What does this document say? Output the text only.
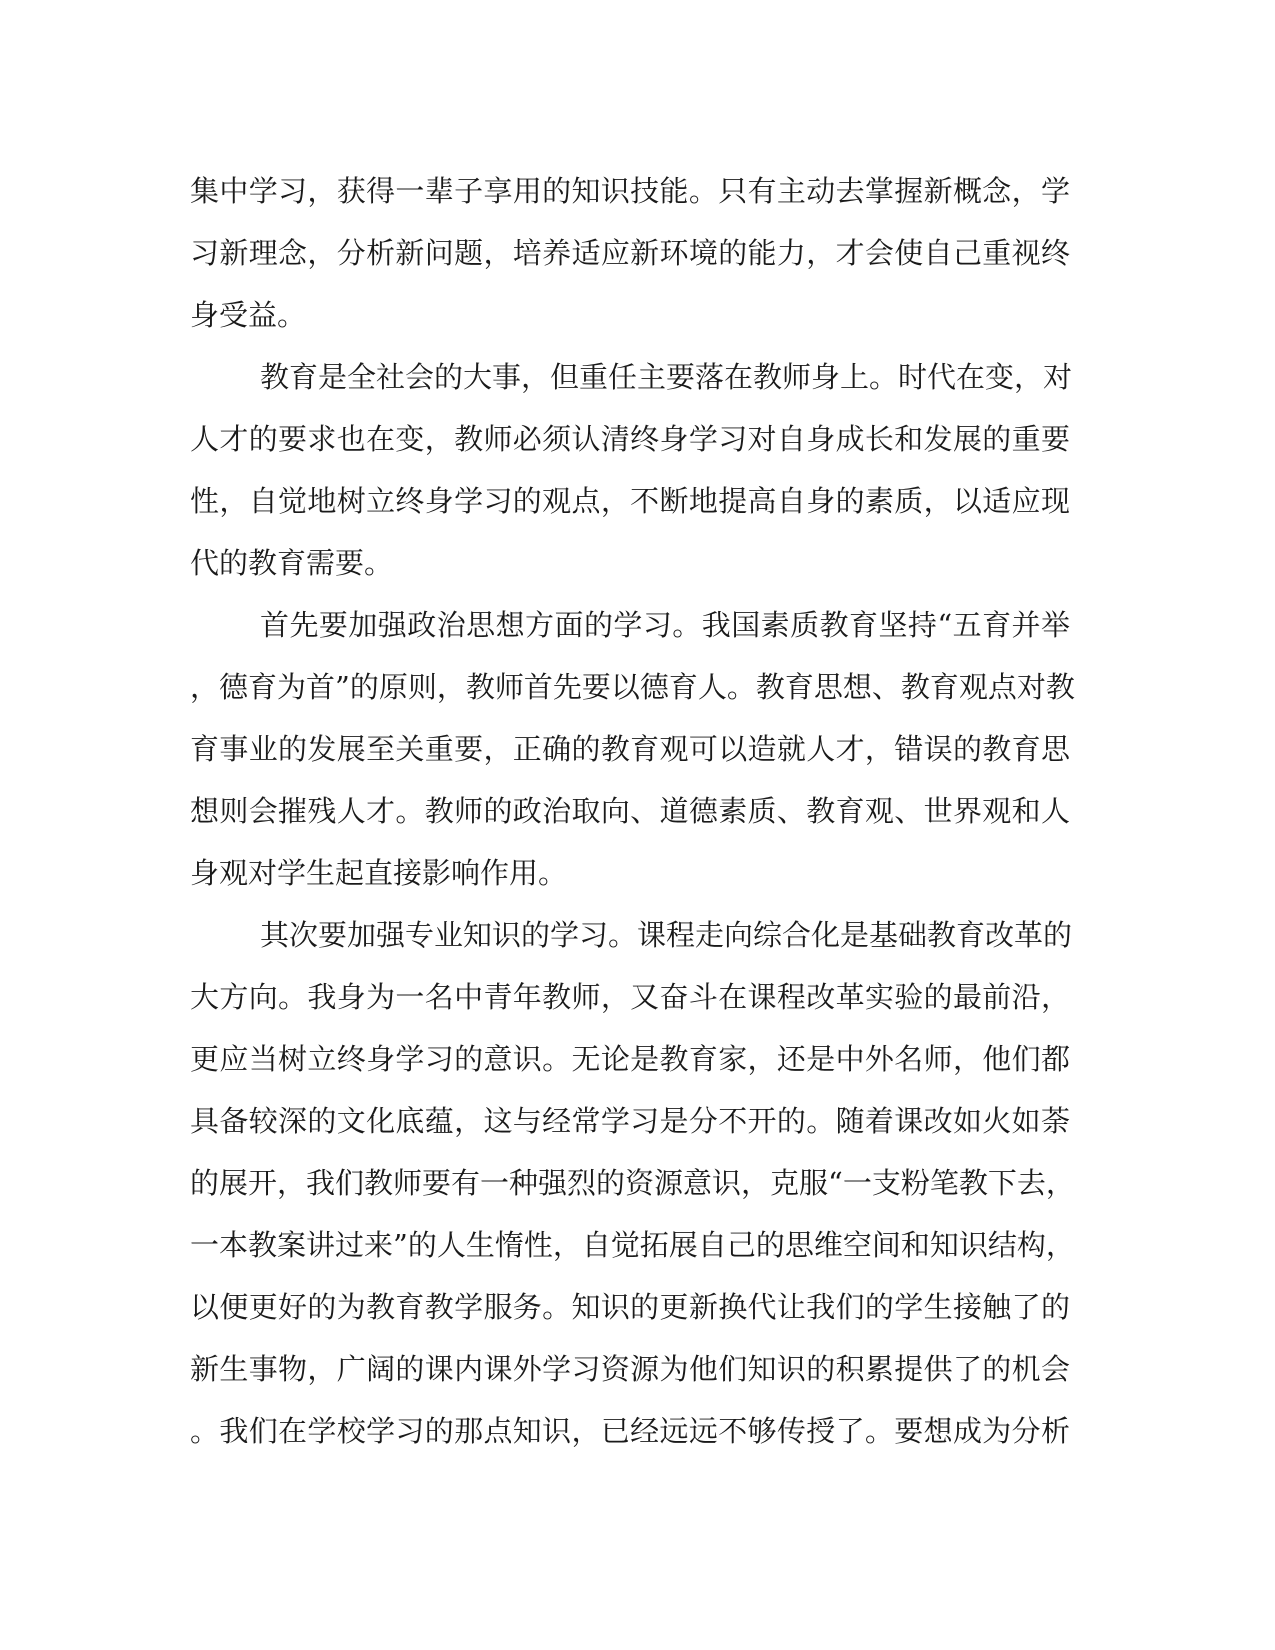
集中学习，获得一辈子享用的知识技能。只有主动去掌握新概念，学
习新理念，分析新问题，培养适应新环境的能力，才会使自己重视终
身受益。
教育是全社会的大事，但重任主要落在教师身上。时代在变，对
人才的要求也在变，教师必须认清终身学习对自身成长和发展的重要
性，自觉地树立终身学习的观点，不断地提高自身的素质，以适应现
代的教育需要。
首先要加强政治思想方面的学习。我国素质教育坚持“五育并举
，德育为首”的原则，教师首先要以德育人。教育思想、教育观点对教
育事业的发展至关重要，正确的教育观可以造就人才，错误的教育思
想则会摧残人才。教师的政治取向、道德素质、教育观、世界观和人
身观对学生起直接影响作用。
其次要加强专业知识的学习。课程走向综合化是基础教育改革的
大方向。我身为一名中青年教师，又奋斗在课程改革实验的最前沿，
更应当树立终身学习的意识。无论是教育家，还是中外名师，他们都
具备较深的文化底蕴，这与经常学习是分不开的。随着课改如火如荼
的展开，我们教师要有一种强烈的资源意识，克服“一支粉笔教下去，
一本教案讲过来”的人生惰性，自觉拓展自己的思维空间和知识结构，
以便更好的为教育教学服务。知识的更新换代让我们的学生接触了的
新生事物，广阔的课内课外学习资源为他们知识的积累提供了的机会
。我们在学校学习的那点知识，已经远远不够传授了。要想成为分析
